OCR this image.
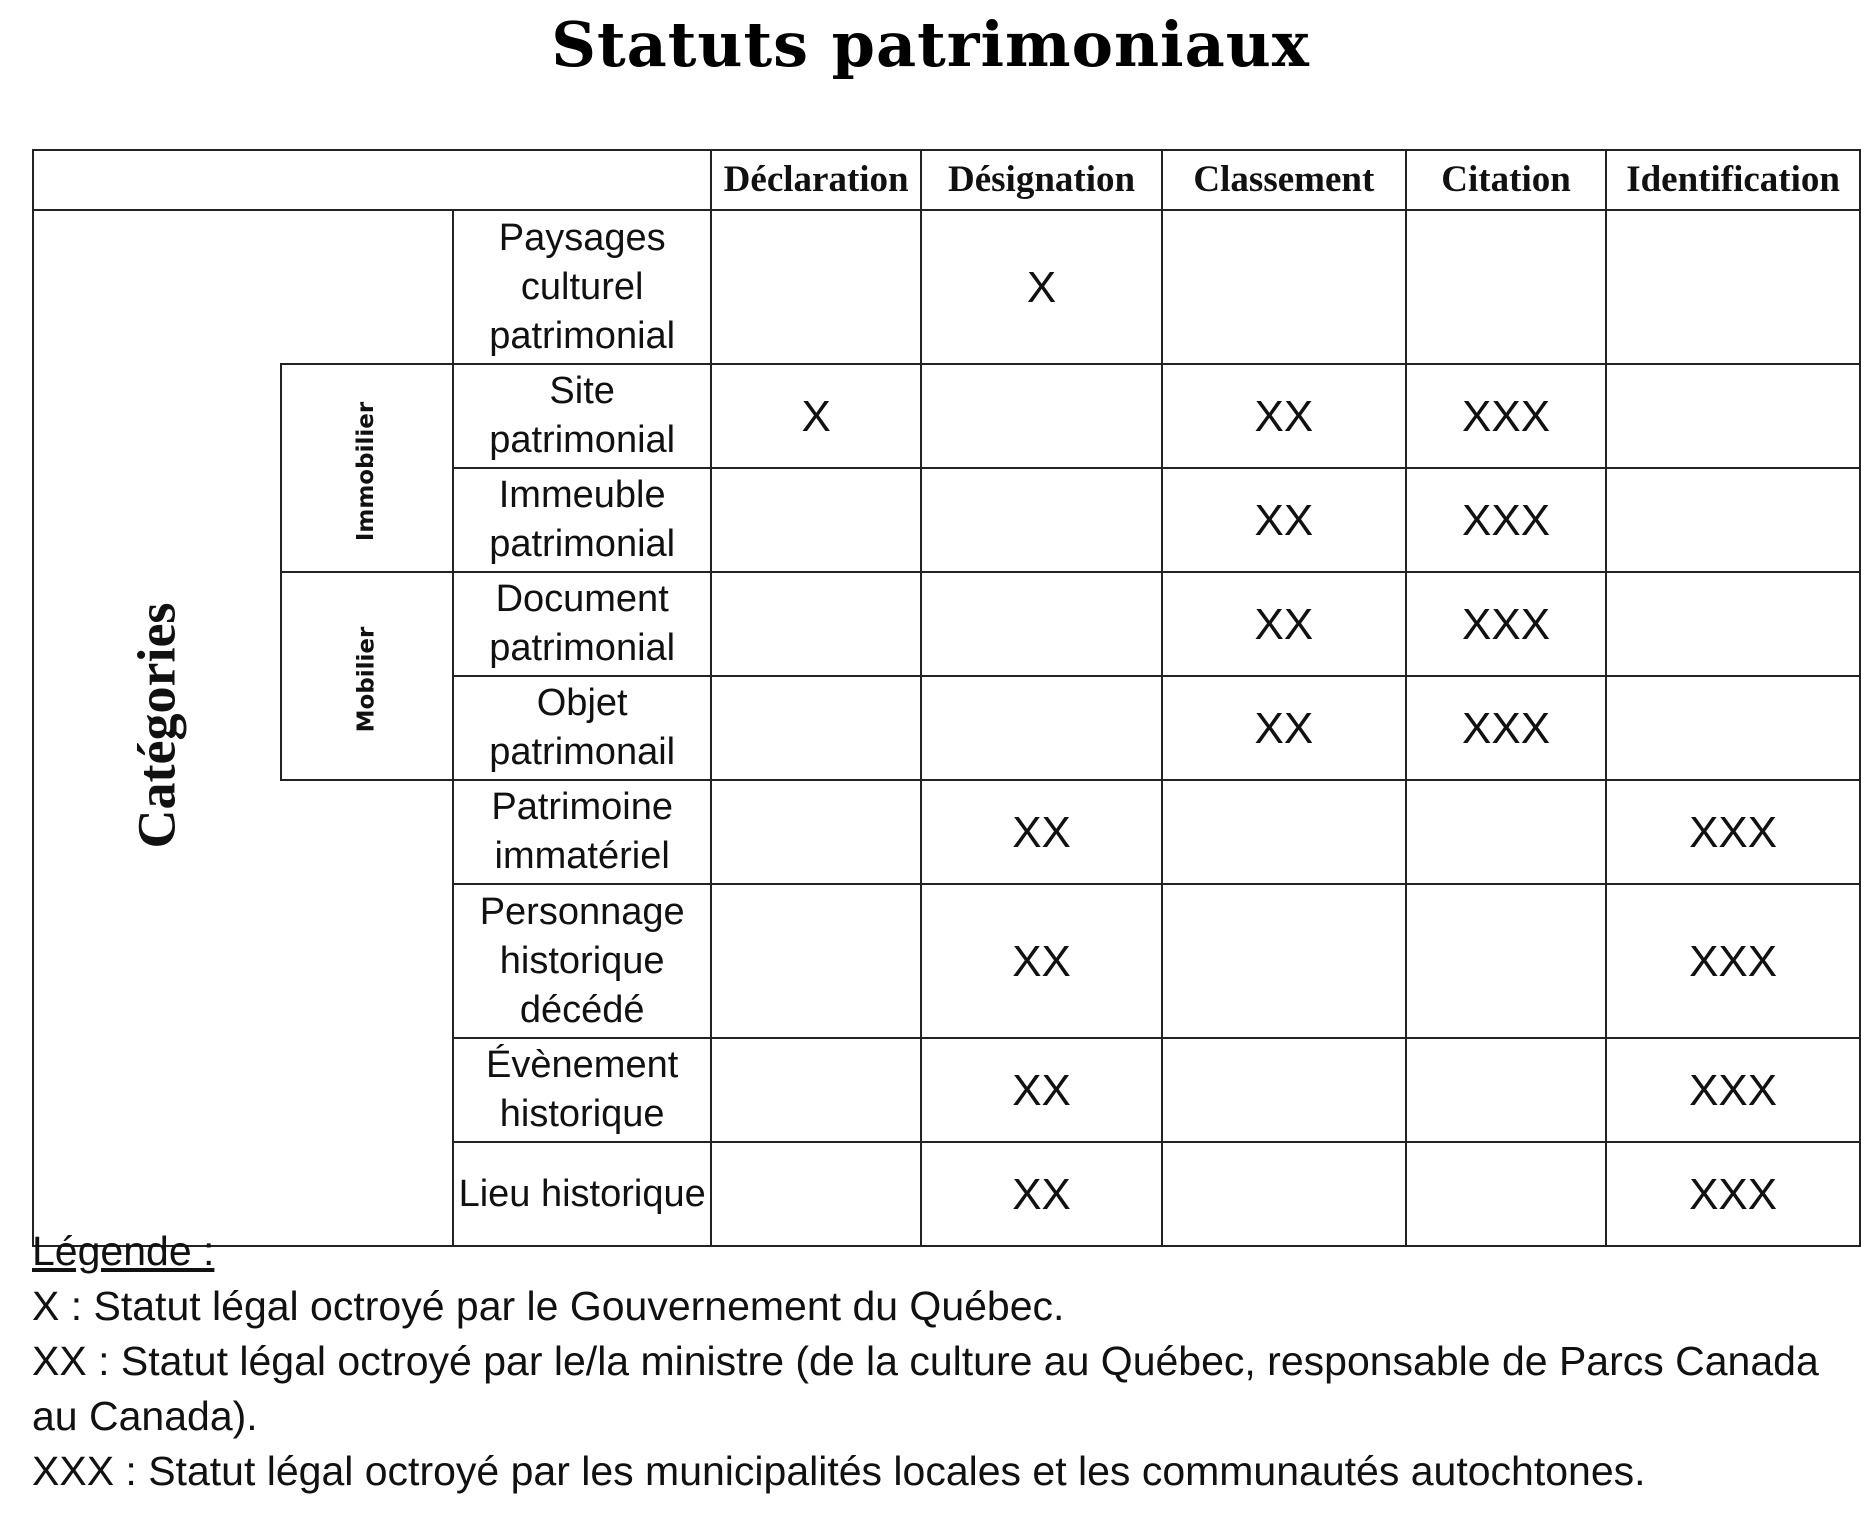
Statuts patrimoniaux
			Déclaration	Désignation	Classement	Citation	Identification
Catégories		Paysages culturel patrimonial		X			
	Immobilier	Site patrimonial	X		XX	XXX	
		Immeuble patrimonial			XX	XXX	
	Mobilier	Document patrimonial			XX	XXX	
		Objet patrimonail			XX	XXX	
		Patrimoine immatériel		XX			XXX
		Personnage historique décédé		XX			XXX
		Évènement historique		XX			XXX
		Lieu historique		XX			XXX
Légende :
X : Statut légal octroyé par le Gouvernement du Québec.
XX : Statut légal octroyé par le/la ministre (de la culture au Québec, responsable de Parcs Canada au Canada).
XXX : Statut légal octroyé par les municipalités locales et les communautés autochtones.
